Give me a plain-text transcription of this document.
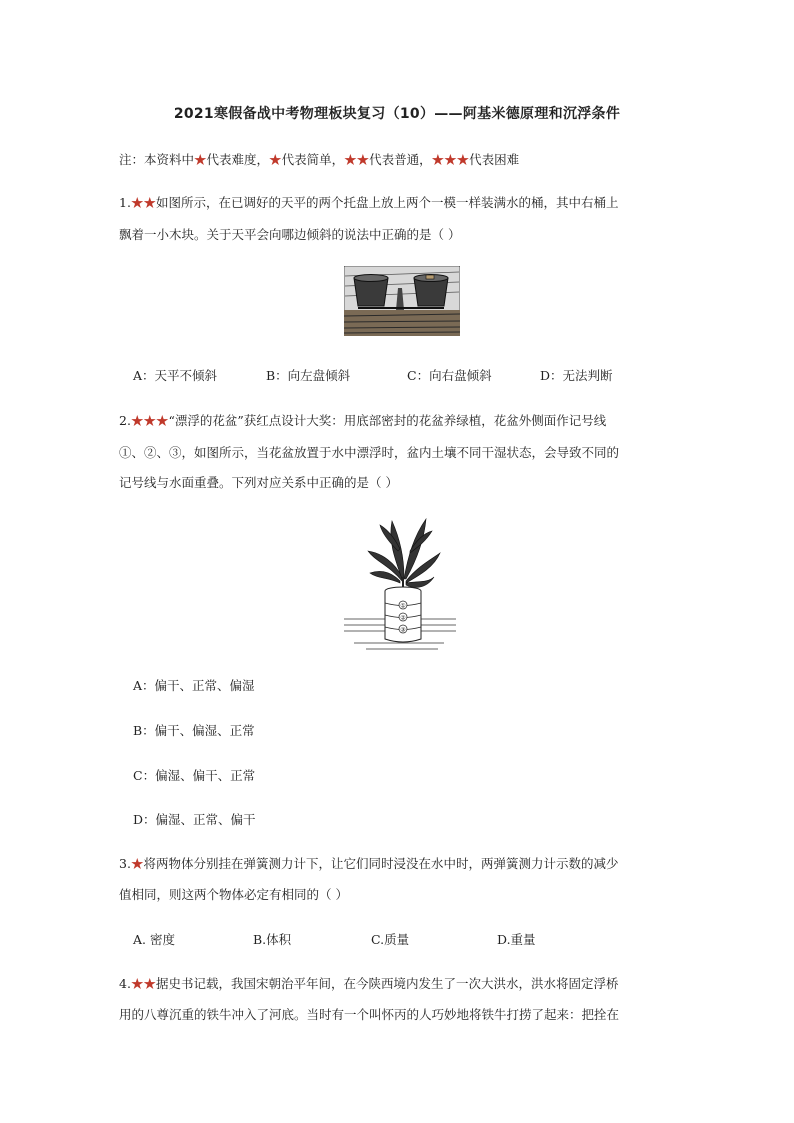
2021寒假备战中考物理板块复习（10）——阿基米德原理和沉浮条件
注：本资料中★代表难度，★代表简单，★★代表普通，★★★代表困难
1.★★如图所示，在已调好的天平的两个托盘上放上两个一模一样装满水的桶，其中右桶上
飘着一小木块。关于天平会向哪边倾斜的说法中正确的是（ ）
A：天平不倾斜	B：向左盘倾斜	C：向右盘倾斜	D：无法判断
2.★★★“漂浮的花盆”获红点设计大奖：用底部密封的花盆养绿植，花盆外侧面作记号线
①、②、③，如图所示，当花盆放置于水中漂浮时，盆内土壤不同干湿状态，会导致不同的
记号线与水面重叠。下列对应关系中正确的是（ ）
①
②
③
A：偏干、正常、偏湿
B：偏干、偏湿、正常
C：偏湿、偏干、正常
D：偏湿、正常、偏干
3.★将两物体分别挂在弹簧测力计下，让它们同时浸没在水中时，两弹簧测力计示数的减少
值相同，则这两个物体必定有相同的（ ）
A. 密度	B.体积	C.质量	D.重量
4.★★据史书记载，我国宋朝治平年间，在今陕西境内发生了一次大洪水，洪水将固定浮桥
用的八尊沉重的铁牛冲入了河底。当时有一个叫怀丙的人巧妙地将铁牛打捞了起来：把拴在
